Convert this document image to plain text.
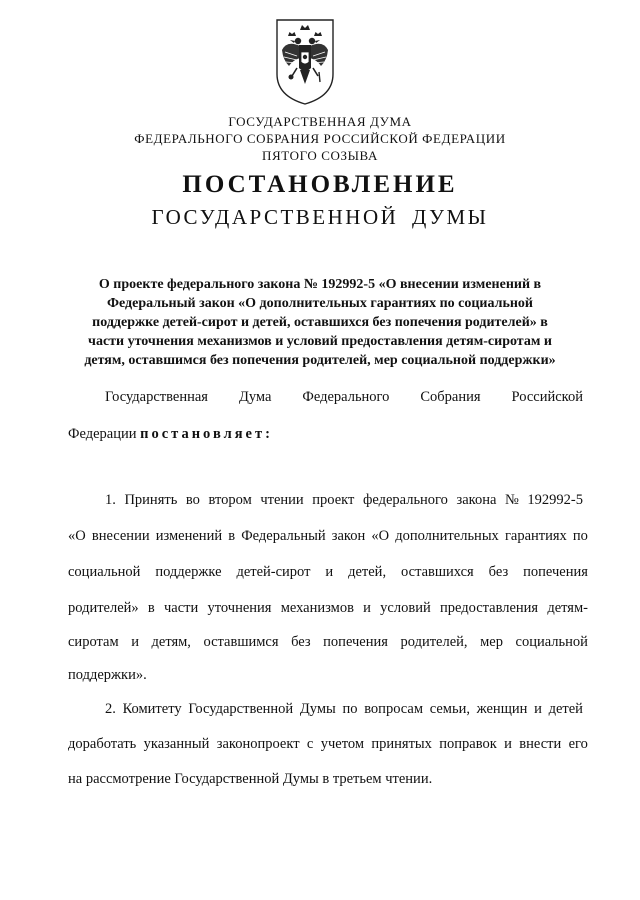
ГОСУДАРСТВЕННАЯ ДУМА
ФЕДЕРАЛЬНОГО СОБРАНИЯ РОССИЙСКОЙ ФЕДЕРАЦИИ
ПЯТОГО СОЗЫВА
ПОСТАНОВЛЕНИЕ
ГОСУДАРСТВЕННОЙ ДУМЫ
О проекте федерального закона № 192992-5 «О внесении изменений в
Федеральный закон «О дополнительных гарантиях по социальной
поддержке детей-сирот и детей, оставшихся без попечения родителей» в
части уточнения механизмов и условий предоставления детям-сиротам и
детям, оставшимся без попечения родителей, мер социальной поддержки»
Государственная Дума Федерального Собрания Российской
Федерации постановляет:
1. Принять во втором чтении проект федерального закона № 192992-5
«О внесении изменений в Федеральный закон «О дополнительных гарантиях по
социальной поддержке детей-сирот и детей, оставшихся без попечения
родителей» в части уточнения механизмов и условий предоставления детям-
сиротам и детям, оставшимся без попечения родителей, мер социальной
поддержки».
2. Комитету Государственной Думы по вопросам семьи, женщин и детей
доработать указанный законопроект с учетом принятых поправок и внести его
на рассмотрение Государственной Думы в третьем чтении.
